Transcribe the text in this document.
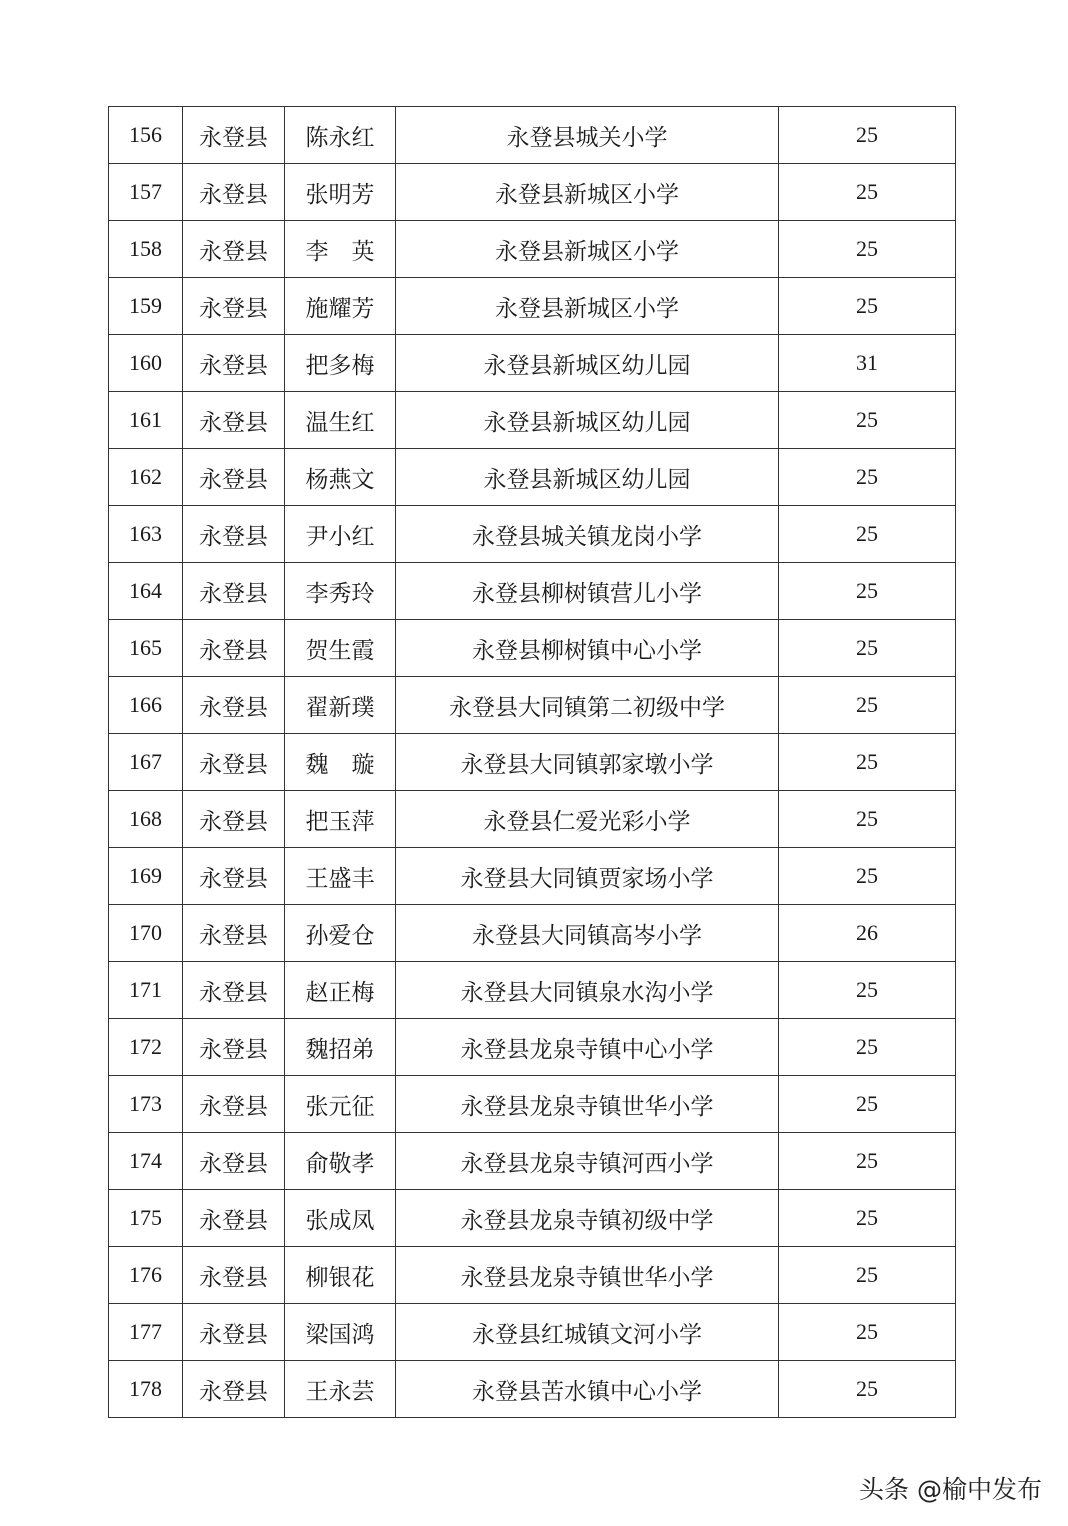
156	永登县	陈永红	永登县城关小学	25
157	永登县	张明芳	永登县新城区小学	25
158	永登县	李　英	永登县新城区小学	25
159	永登县	施耀芳	永登县新城区小学	25
160	永登县	把多梅	永登县新城区幼儿园	31
161	永登县	温生红	永登县新城区幼儿园	25
162	永登县	杨燕文	永登县新城区幼儿园	25
163	永登县	尹小红	永登县城关镇龙岗小学	25
164	永登县	李秀玲	永登县柳树镇营儿小学	25
165	永登县	贺生霞	永登县柳树镇中心小学	25
166	永登县	翟新璞	永登县大同镇第二初级中学	25
167	永登县	魏　璇	永登县大同镇郭家墩小学	25
168	永登县	把玉萍	永登县仁爱光彩小学	25
169	永登县	王盛丰	永登县大同镇贾家场小学	25
170	永登县	孙爱仓	永登县大同镇高岑小学	26
171	永登县	赵正梅	永登县大同镇泉水沟小学	25
172	永登县	魏招弟	永登县龙泉寺镇中心小学	25
173	永登县	张元征	永登县龙泉寺镇世华小学	25
174	永登县	俞敬孝	永登县龙泉寺镇河西小学	25
175	永登县	张成凤	永登县龙泉寺镇初级中学	25
176	永登县	柳银花	永登县龙泉寺镇世华小学	25
177	永登县	梁国鸿	永登县红城镇文河小学	25
178	永登县	王永芸	永登县苦水镇中心小学	25
头条 @榆中发布
